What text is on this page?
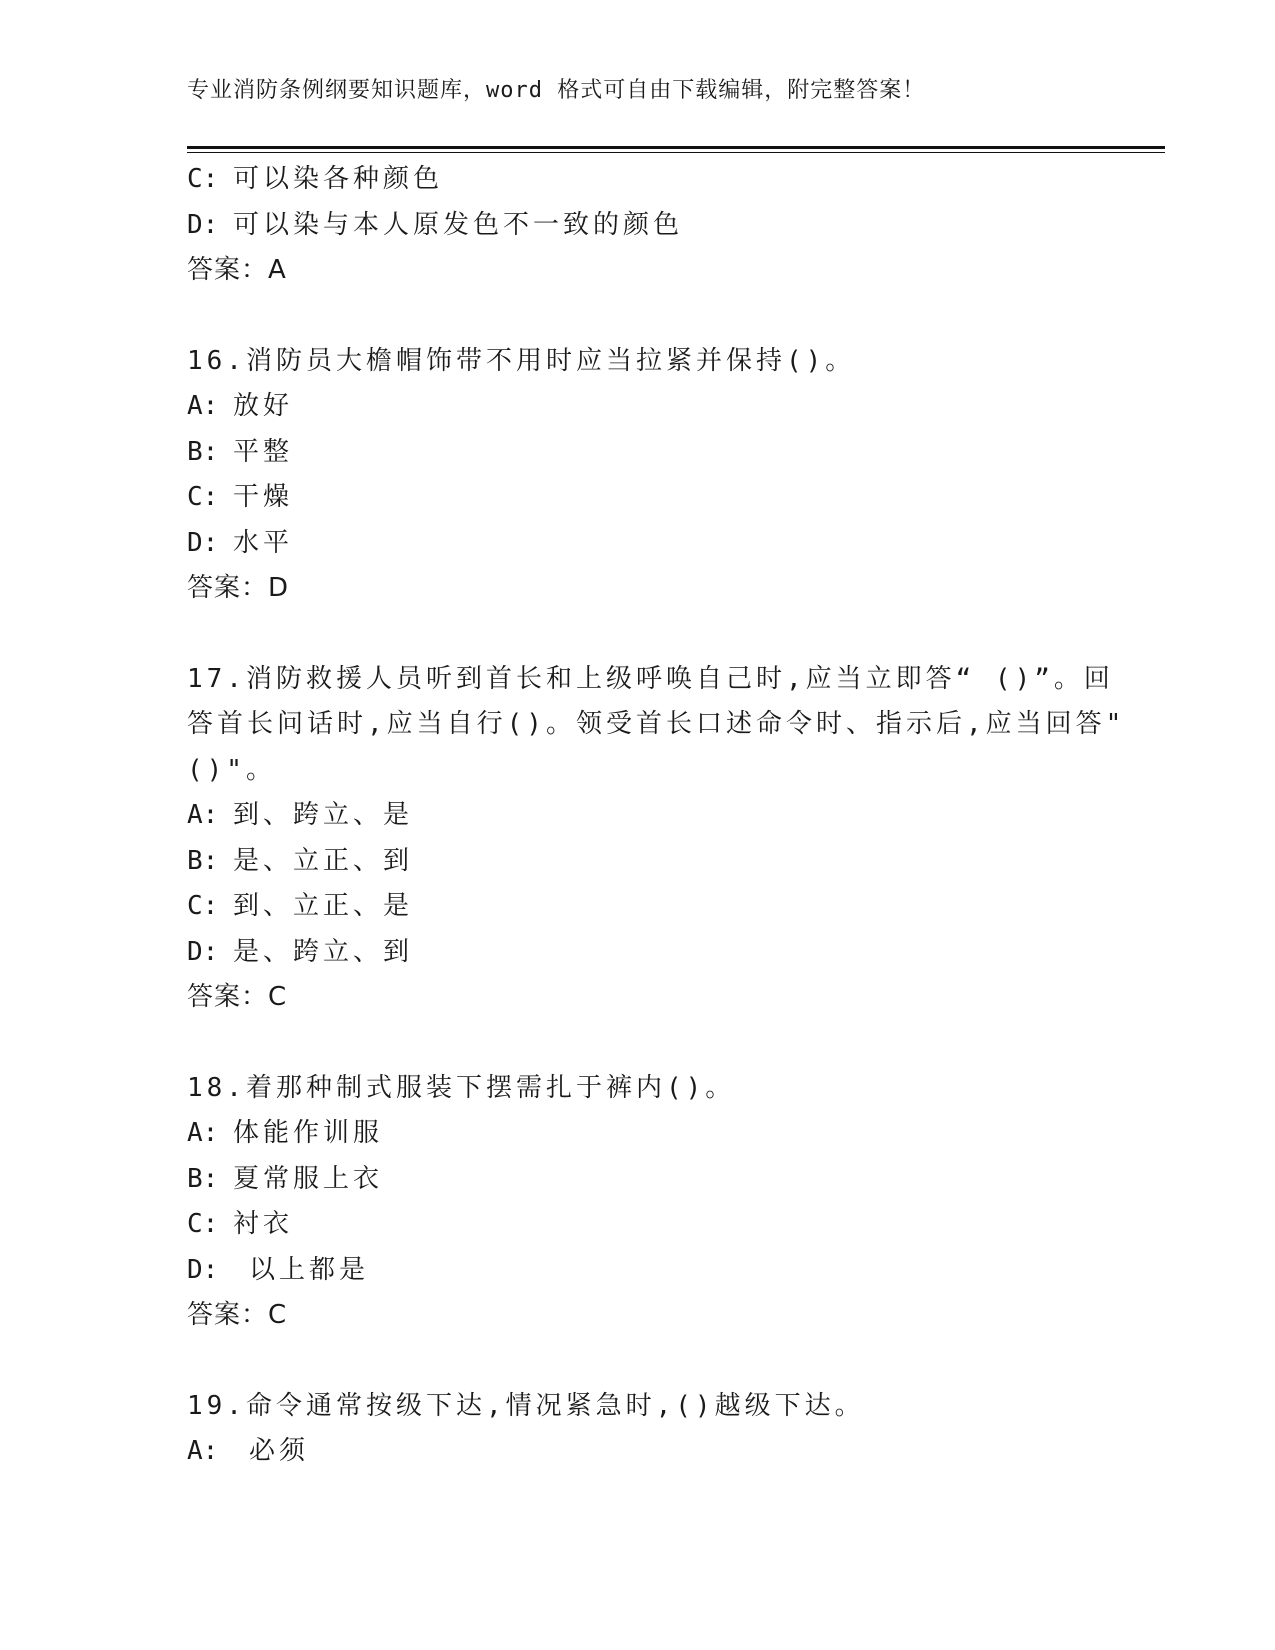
专业消防条例纲要知识题库，word 格式可自由下载编辑，附完整答案！
C: 可以染各种颜色
D: 可以染与本人原发色不一致的颜色
答案：A
16.消防员大檐帽饰带不用时应当拉紧并保持()。
A: 放好
B: 平整
C: 干燥
D: 水平
答案：D
17.消防救援人员听到首长和上级呼唤自己时,应当立即答“ ()”。回
答首长问话时,应当自行()。领受首长口述命令时、指示后,应当回答"
()"。
A: 到、跨立、是
B: 是、立正、到
C: 到、立正、是
D: 是、跨立、到
答案：C
18.着那种制式服装下摆需扎于裤内()。
A: 体能作训服
B: 夏常服上衣
C: 衬衣
D: 以上都是
答案：C
19.命令通常按级下达,情况紧急时,()越级下达。
A: 必须
